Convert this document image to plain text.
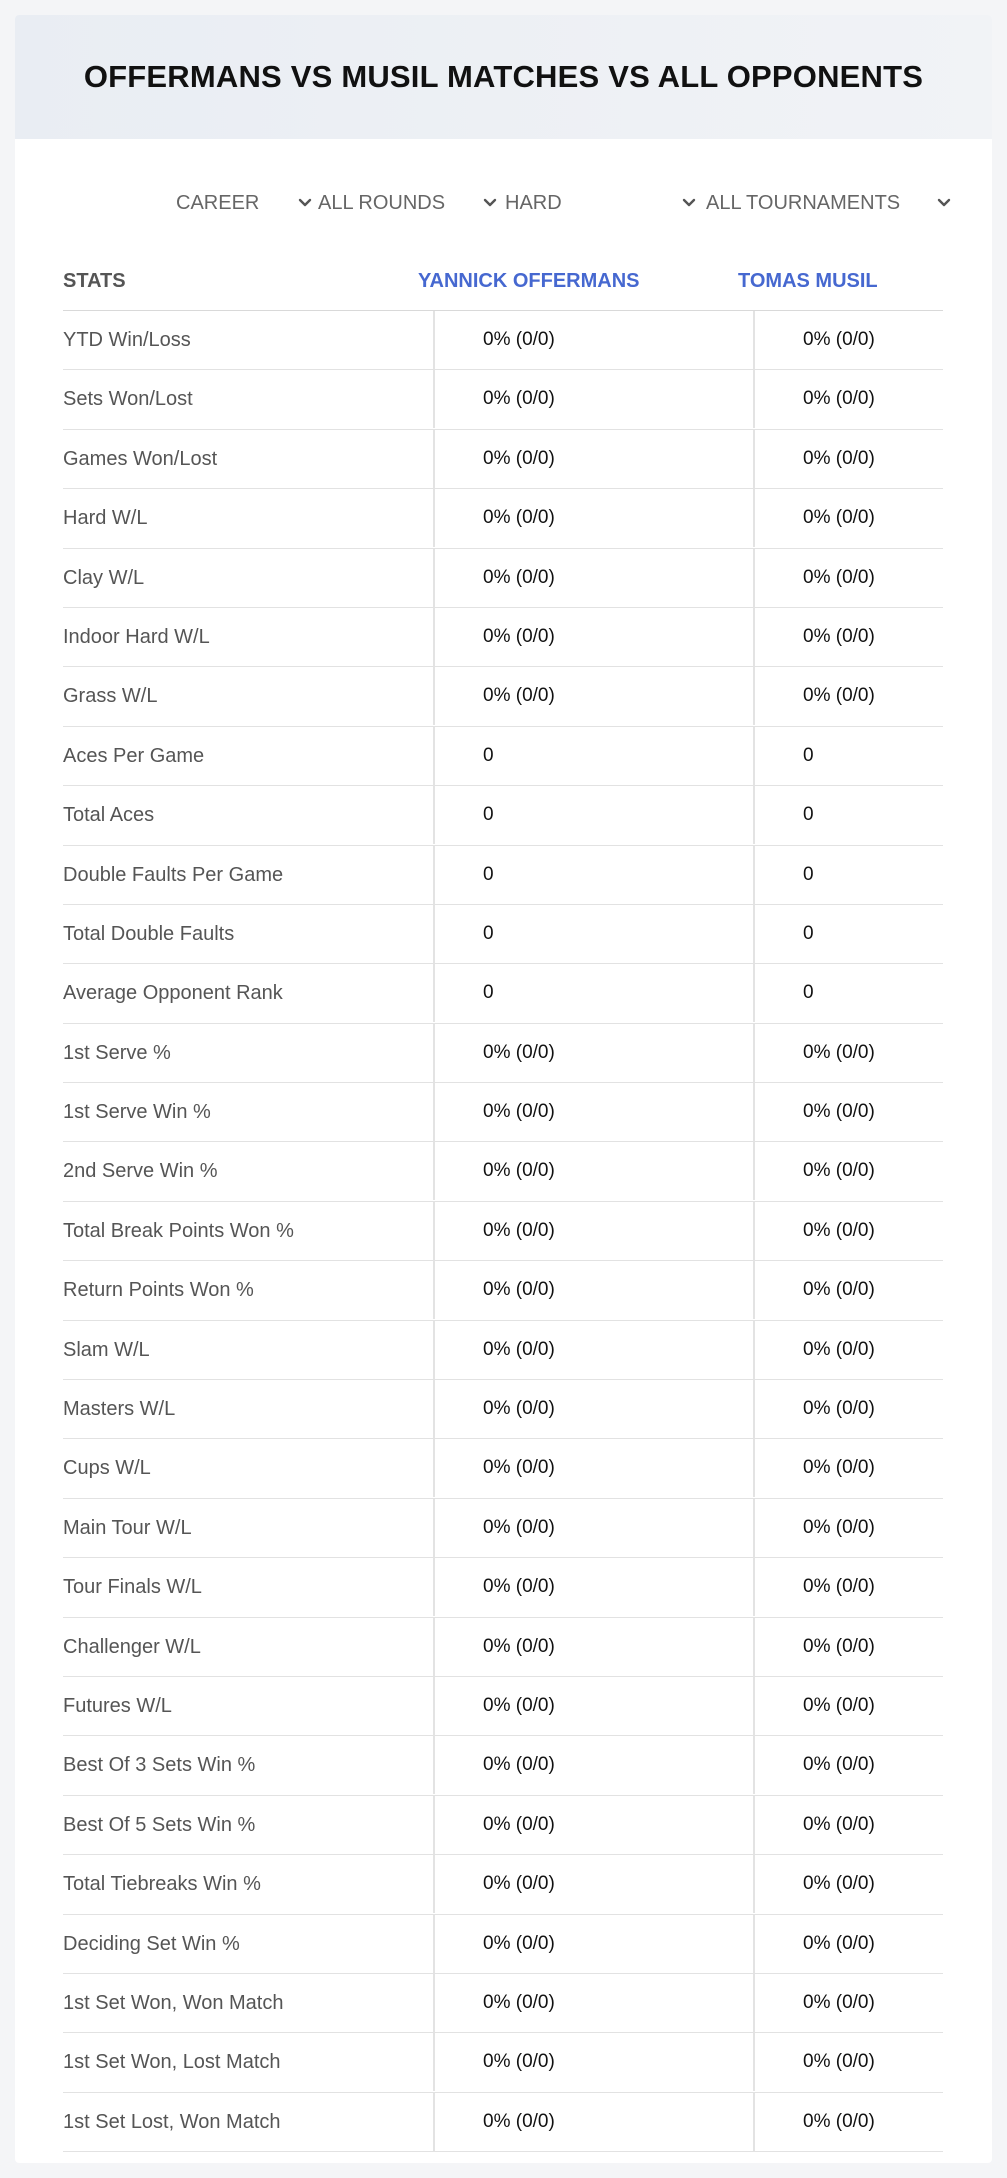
OFFERMANS VS MUSIL MATCHES VS ALL OPPONENTS
CAREER	ALL ROUNDS	HARD	ALL TOURNAMENTS
STATS	YANNICK OFFERMANS	TOMAS MUSIL
YTD Win/Loss	0% (0/0)	0% (0/0)
Sets Won/Lost	0% (0/0)	0% (0/0)
Games Won/Lost	0% (0/0)	0% (0/0)
Hard W/L	0% (0/0)	0% (0/0)
Clay W/L	0% (0/0)	0% (0/0)
Indoor Hard W/L	0% (0/0)	0% (0/0)
Grass W/L	0% (0/0)	0% (0/0)
Aces Per Game	0	0
Total Aces	0	0
Double Faults Per Game	0	0
Total Double Faults	0	0
Average Opponent Rank	0	0
1st Serve %	0% (0/0)	0% (0/0)
1st Serve Win %	0% (0/0)	0% (0/0)
2nd Serve Win %	0% (0/0)	0% (0/0)
Total Break Points Won %	0% (0/0)	0% (0/0)
Return Points Won %	0% (0/0)	0% (0/0)
Slam W/L	0% (0/0)	0% (0/0)
Masters W/L	0% (0/0)	0% (0/0)
Cups W/L	0% (0/0)	0% (0/0)
Main Tour W/L	0% (0/0)	0% (0/0)
Tour Finals W/L	0% (0/0)	0% (0/0)
Challenger W/L	0% (0/0)	0% (0/0)
Futures W/L	0% (0/0)	0% (0/0)
Best Of 3 Sets Win %	0% (0/0)	0% (0/0)
Best Of 5 Sets Win %	0% (0/0)	0% (0/0)
Total Tiebreaks Win %	0% (0/0)	0% (0/0)
Deciding Set Win %	0% (0/0)	0% (0/0)
1st Set Won, Won Match	0% (0/0)	0% (0/0)
1st Set Won, Lost Match	0% (0/0)	0% (0/0)
1st Set Lost, Won Match	0% (0/0)	0% (0/0)
